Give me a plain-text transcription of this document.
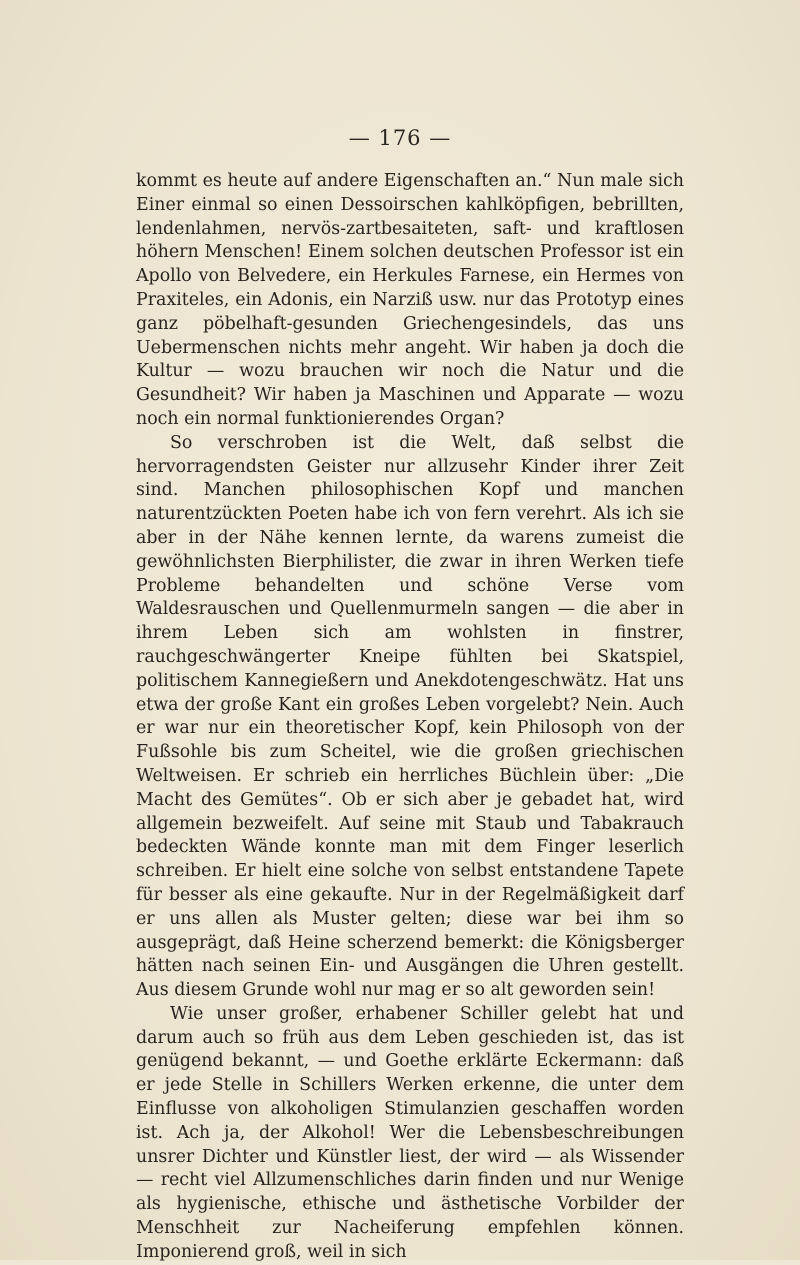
— 176 —

kommt es heute auf andere Eigenschaften an.“ Nun male sich Einer einmal so einen Dessoirschen kahlköpfigen, bebrillten, lendenlahmen, nervös-zartbesaiteten, saft- und kraftlosen höhern Menschen! Einem solchen deutschen Professor ist ein Apollo von Belvedere, ein Herkules Farnese, ein Hermes von Praxiteles, ein Adonis, ein Narziß usw. nur das Prototyp eines ganz pöbelhaft-gesunden Griechengesindels, das uns Uebermenschen nichts mehr angeht. Wir haben ja doch die Kultur — wozu brauchen wir noch die Natur und die Gesundheit? Wir haben ja Maschinen und Apparate — wozu noch ein normal funktionierendes Organ?

So verschroben ist die Welt, daß selbst die hervorragendsten Geister nur allzusehr Kinder ihrer Zeit sind. Manchen philosophischen Kopf und manchen naturentzückten Poeten habe ich von fern verehrt. Als ich sie aber in der Nähe kennen lernte, da warens zumeist die gewöhnlichsten Bierphilister, die zwar in ihren Werken tiefe Probleme behandelten und schöne Verse vom Waldesrauschen und Quellenmurmeln sangen — die aber in ihrem Leben sich am wohlsten in finstrer, rauchgeschwängerter Kneipe fühlten bei Skatspiel, politischem Kannegießern und Anekdotengeschwätz. Hat uns etwa der große Kant ein großes Leben vorgelebt? Nein. Auch er war nur ein theoretischer Kopf, kein Philosoph von der Fußsohle bis zum Scheitel, wie die großen griechischen Weltweisen. Er schrieb ein herrliches Büchlein über: „Die Macht des Gemütes“. Ob er sich aber je gebadet hat, wird allgemein bezweifelt. Auf seine mit Staub und Tabakrauch bedeckten Wände konnte man mit dem Finger leserlich schreiben. Er hielt eine solche von selbst entstandene Tapete für besser als eine gekaufte. Nur in der Regelmäßigkeit darf er uns allen als Muster gelten; diese war bei ihm so ausgeprägt, daß Heine scherzend bemerkt: die Königsberger hätten nach seinen Ein- und Ausgängen die Uhren gestellt. Aus diesem Grunde wohl nur mag er so alt geworden sein!

Wie unser großer, erhabener Schiller gelebt hat und darum auch so früh aus dem Leben geschieden ist, das ist genügend bekannt, — und Goethe erklärte Eckermann: daß er jede Stelle in Schillers Werken erkenne, die unter dem Einflusse von alkoholigen Stimulanzien geschaffen worden ist. Ach ja, der Alkohol! Wer die Lebensbeschreibungen unsrer Dichter und Künstler liest, der wird — als Wissender — recht viel Allzumenschliches darin finden und nur Wenige als hygienische, ethische und ästhetische Vorbilder der Menschheit zur Nacheiferung empfehlen können. Imponierend groß, weil in sich
